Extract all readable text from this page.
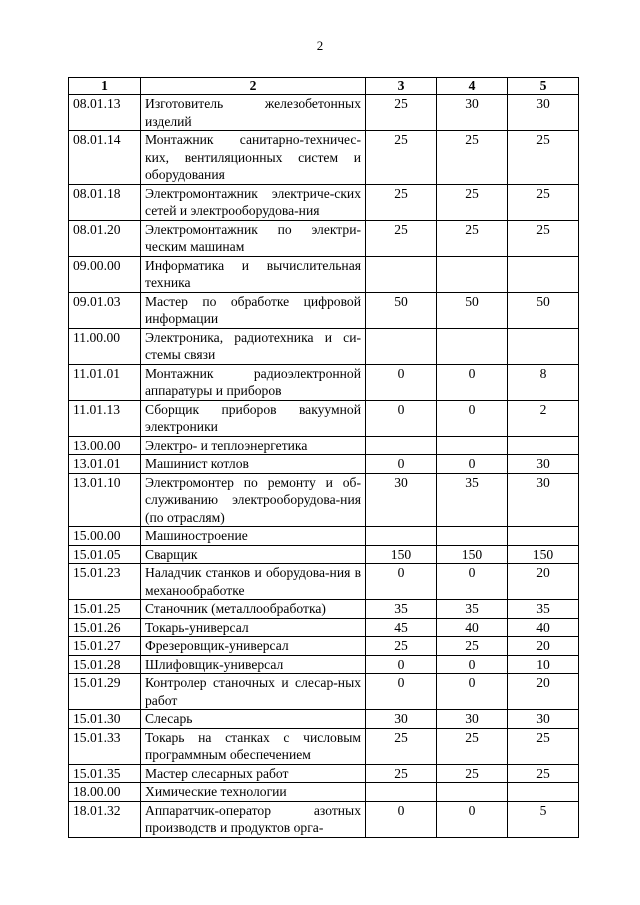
2
1	2	3	4	5
08.01.13	Изготовитель железобетонных изделий	25	30	30
08.01.14	Монтажник санитарно-техничес-ких, вентиляционных систем и оборудования	25	25	25
08.01.18	Электромонтажник электриче-ских сетей и электрооборудова-ния	25	25	25
08.01.20	Электромонтажник по электри-ческим машинам	25	25	25
09.00.00	Информатика и вычислительная техника			
09.01.03	Мастер по обработке цифровой информации	50	50	50
11.00.00	Электроника, радиотехника и си-стемы связи			
11.01.01	Монтажник радиоэлектронной аппаратуры и приборов	0	0	8
11.01.13	Сборщик приборов вакуумной электроники	0	0	2
13.00.00	Электро- и теплоэнергетика			
13.01.01	Машинист котлов	0	0	30
13.01.10	Электромонтер по ремонту и об-служиванию электрооборудова-ния (по отраслям)	30	35	30
15.00.00	Машиностроение			
15.01.05	Сварщик	150	150	150
15.01.23	Наладчик станков и оборудова-ния в механообработке	0	0	20
15.01.25	Станочник (металлообработка)	35	35	35
15.01.26	Токарь-универсал	45	40	40
15.01.27	Фрезеровщик-универсал	25	25	20
15.01.28	Шлифовщик-универсал	0	0	10
15.01.29	Контролер станочных и слесар-ных работ	0	0	20
15.01.30	Слесарь	30	30	30
15.01.33	Токарь на станках с числовым программным обеспечением	25	25	25
15.01.35	Мастер слесарных работ	25	25	25
18.00.00	Химические технологии			
18.01.32	Аппаратчик-оператор азотных производств и продуктов орга-	0	0	5
